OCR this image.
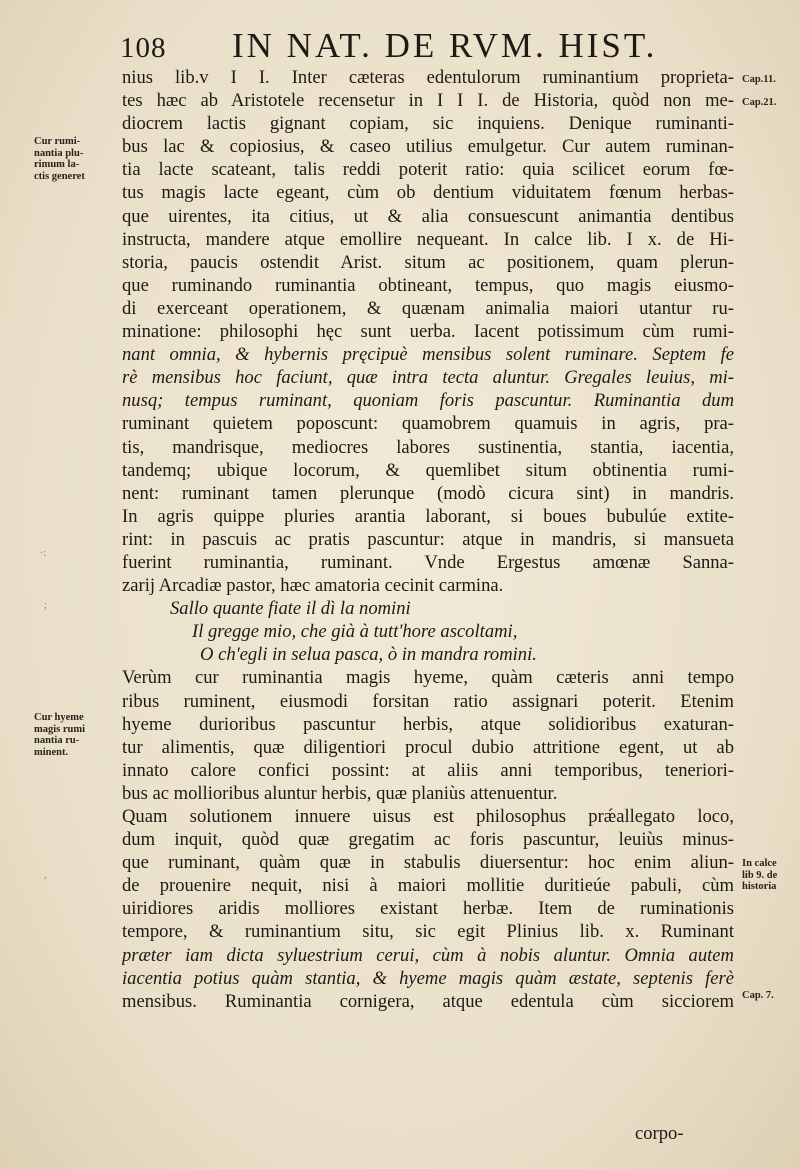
108 IN NAT. DE RVM. HIST.
nius lib.v I I. Inter cæteras edentulorum ruminantium proprieta-
tes hæc ab Aristotele recensetur in I I I. de Historia, quòd non me-
diocrem lactis gignant copiam, sic inquiens. Denique ruminanti-
bus lac & copiosius, & caseo utilius emulgetur. Cur autem ruminan-
tia lacte scateant, talis reddi poterit ratio: quia scilicet eorum fœ-
tus magis lacte egeant, cùm ob dentium viduitatem fœnum herbas-
que uirentes, ita citius, ut & alia consuescunt animantia dentibus
instructa, mandere atque emollire nequeant. In calce lib. I x. de Hi-
storia, paucis ostendit Arist. situm ac positionem, quam plerun-
que ruminando ruminantia obtineant, tempus, quo magis eiusmo-
di exerceant operationem, & quænam animalia maiori utantur ru-
minatione: philosophi hęc sunt uerba. Iacent potissimum cùm rumi-
nant omnia, & hybernis pręcipuè mensibus solent ruminare. Septem fe
rè mensibus hoc faciunt, quæ intra tecta aluntur. Gregales leuius, mi-
nusq; tempus ruminant, quoniam foris pascuntur. Ruminantia dum
ruminant quietem poposcunt: quamobrem quamuis in agris, pra-
tis, mandrisque, mediocres labores sustinentia, stantia, iacentia,
tandemq; ubique locorum, & quemlibet situm obtinentia rumi-
nent: ruminant tamen plerunque (modò cicura sint) in mandris.
In agris quippe pluries arantia laborant, si boues bubulúe extite-
rint: in pascuis ac pratis pascuntur: atque in mandris, si mansueta
fuerint ruminantia, ruminant. Vnde Ergestus amœnæ Sanna-
zarij Arcadiæ pastor, hæc amatoria cecinit carmina.
Sallo quante fiate il dì la nomini
Il gregge mio, che già à tutt'hore ascoltami,
O ch'egli in selua pasca, ò in mandra romini.
Verùm cur ruminantia magis hyeme, quàm cæteris anni tempo
ribus ruminent, eiusmodi forsitan ratio assignari poterit. Etenim
hyeme durioribus pascuntur herbis, atque solidioribus exaturan-
tur alimentis, quæ diligentiori procul dubio attritione egent, ut ab
innato calore confici possint: at aliis anni temporibus, teneriori-
bus ac mollioribus aluntur herbis, quæ planiùs attenuentur.
Quam solutionem innuere uisus est philosophus prǽallegato loco,
dum inquit, quòd quæ gregatim ac foris pascuntur, leuiùs minus-
que ruminant, quàm quæ in stabulis diuersentur: hoc enim aliun-
de prouenire nequit, nisi à maiori mollitie duritieúe pabuli, cùm
uiridiores aridis molliores existant herbæ. Item de ruminationis
tempore, & ruminantium situ, sic egit Plinius lib. x. Ruminant
præter iam dicta syluestrium cerui, cùm à nobis aluntur. Omnia autem
iacentia potius quàm stantia, & hyeme magis quàm æstate, septenis ferè
mensibus. Ruminantia cornigera, atque edentula cùm sicciorem
corpo-
Cur rumi-
nantia plu-
rimum la-
ctis generet
Cur hyeme
magis rumi
nantia ru-
minent.
Cap.11.
Cap.21.
In calce
lib 9. de
historia
Cap. 7.
·:
;
,
